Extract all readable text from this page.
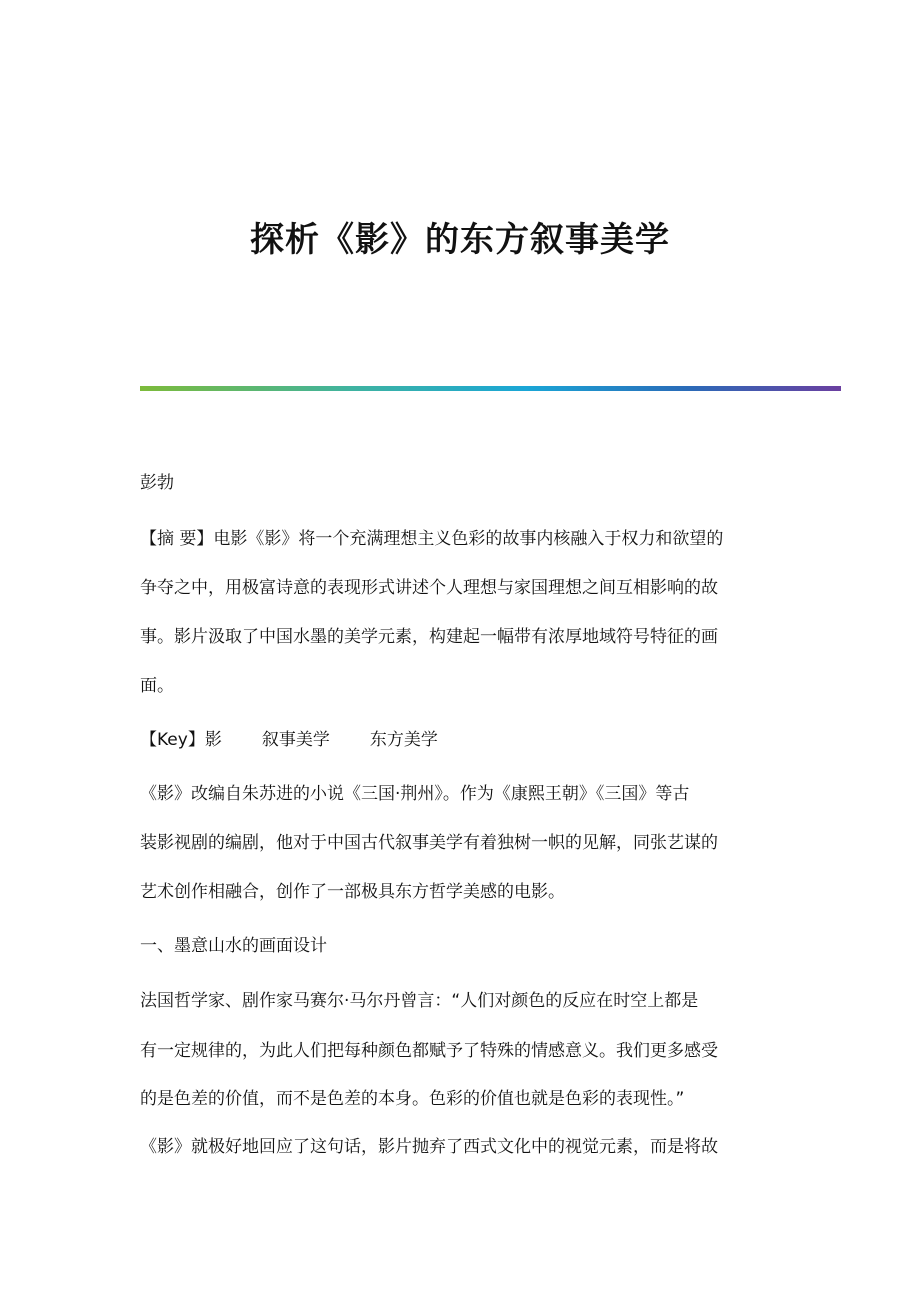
探析《影》的东方叙事美学
彭勃
【摘 要】电影《影》将一个充满理想主义色彩的故事内核融入于权力和欲望的
争夺之中，用极富诗意的表现形式讲述个人理想与家国理想之间互相影响的故
事。影片汲取了中国水墨的美学元素，构建起一幅带有浓厚地域符号特征的画
面。
【Key】影 叙事美学 东方美学
《影》改编自朱苏进的小说《三国·荆州》。作为《康熙王朝》《三国》等古
装影视剧的编剧，他对于中国古代叙事美学有着独树一帜的见解，同张艺谋的
艺术创作相融合，创作了一部极具东方哲学美感的电影。
一、墨意山水的画面设计
法国哲学家、剧作家马赛尔·马尔丹曾言：“人们对颜色的反应在时空上都是
有一定规律的，为此人们把每种颜色都赋予了特殊的情感意义。我们更多感受
的是色差的价值，而不是色差的本身。色彩的价值也就是色彩的表现性。”
《影》就极好地回应了这句话，影片抛弃了西式文化中的视觉元素，而是将故
